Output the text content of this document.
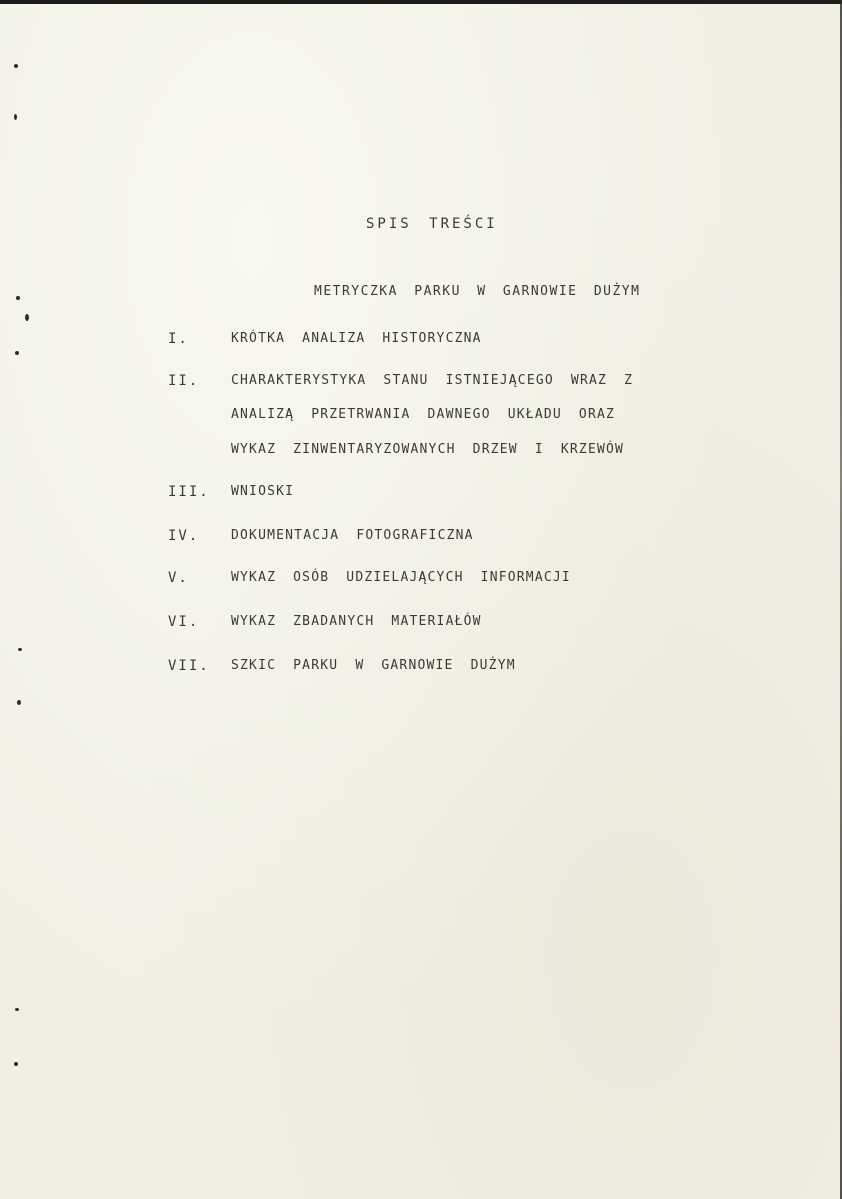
SPIS TREŚCI
METRYCZKA PARKU W GARNOWIE DUŻYM
I.	KRÓTKA ANALIZA HISTORYCZNA
II. CHARAKTERYSTYKA STANU ISTNIEJĄCEGO WRAZ Z
ANALIZĄ PRZETRWANIA DAWNEGO UKŁADU ORAZ
WYKAZ ZINWENTARYZOWANYCH DRZEW I KRZEWÓW
III. WNIOSKI
IV. DOKUMENTACJA FOTOGRAFICZNA
V.	WYKAZ OSÓB UDZIELAJĄCYCH INFORMACJI
VI. WYKAZ ZBADANYCH MATERIAŁÓW
VII. SZKIC PARKU W GARNOWIE DUŻYM
